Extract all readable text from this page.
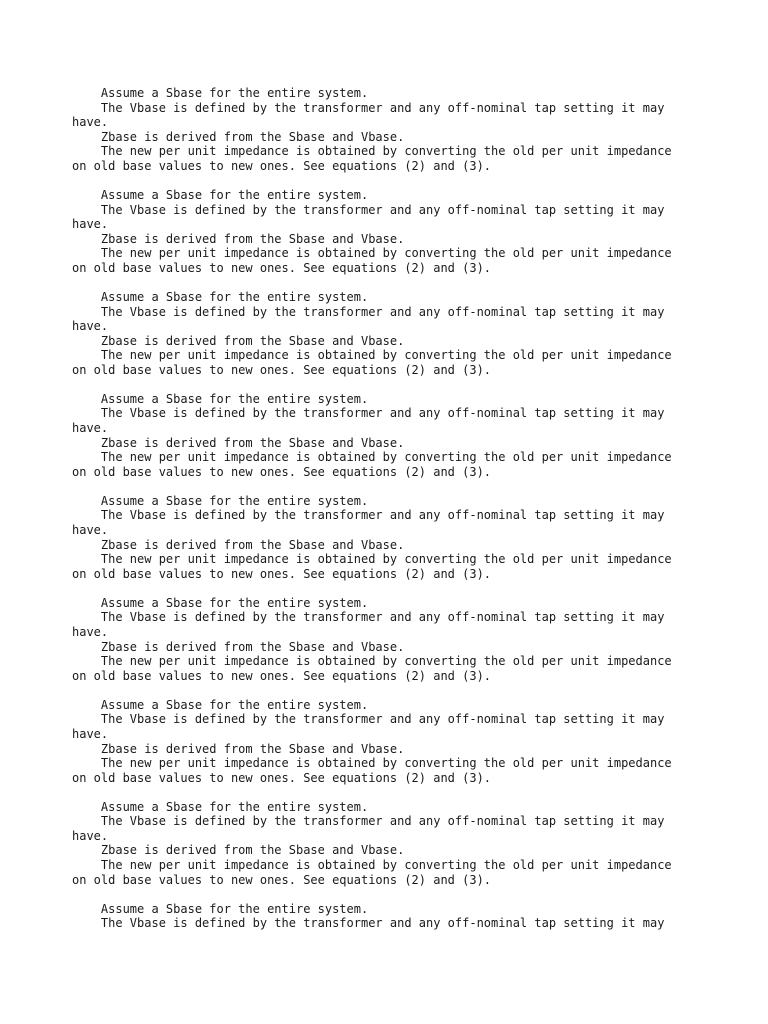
Assume a Sbase for the entire system.
The Vbase is defined by the transformer and any off-nominal tap setting it may
have.
Zbase is derived from the Sbase and Vbase.
The new per unit impedance is obtained by converting the old per unit impedance
on old base values to new ones. See equations (2) and (3).
Assume a Sbase for the entire system.
The Vbase is defined by the transformer and any off-nominal tap setting it may
have.
Zbase is derived from the Sbase and Vbase.
The new per unit impedance is obtained by converting the old per unit impedance
on old base values to new ones. See equations (2) and (3).
Assume a Sbase for the entire system.
The Vbase is defined by the transformer and any off-nominal tap setting it may
have.
Zbase is derived from the Sbase and Vbase.
The new per unit impedance is obtained by converting the old per unit impedance
on old base values to new ones. See equations (2) and (3).
Assume a Sbase for the entire system.
The Vbase is defined by the transformer and any off-nominal tap setting it may
have.
Zbase is derived from the Sbase and Vbase.
The new per unit impedance is obtained by converting the old per unit impedance
on old base values to new ones. See equations (2) and (3).
Assume a Sbase for the entire system.
The Vbase is defined by the transformer and any off-nominal tap setting it may
have.
Zbase is derived from the Sbase and Vbase.
The new per unit impedance is obtained by converting the old per unit impedance
on old base values to new ones. See equations (2) and (3).
Assume a Sbase for the entire system.
The Vbase is defined by the transformer and any off-nominal tap setting it may
have.
Zbase is derived from the Sbase and Vbase.
The new per unit impedance is obtained by converting the old per unit impedance
on old base values to new ones. See equations (2) and (3).
Assume a Sbase for the entire system.
The Vbase is defined by the transformer and any off-nominal tap setting it may
have.
Zbase is derived from the Sbase and Vbase.
The new per unit impedance is obtained by converting the old per unit impedance
on old base values to new ones. See equations (2) and (3).
Assume a Sbase for the entire system.
The Vbase is defined by the transformer and any off-nominal tap setting it may
have.
Zbase is derived from the Sbase and Vbase.
The new per unit impedance is obtained by converting the old per unit impedance
on old base values to new ones. See equations (2) and (3).
Assume a Sbase for the entire system.
The Vbase is defined by the transformer and any off-nominal tap setting it may
